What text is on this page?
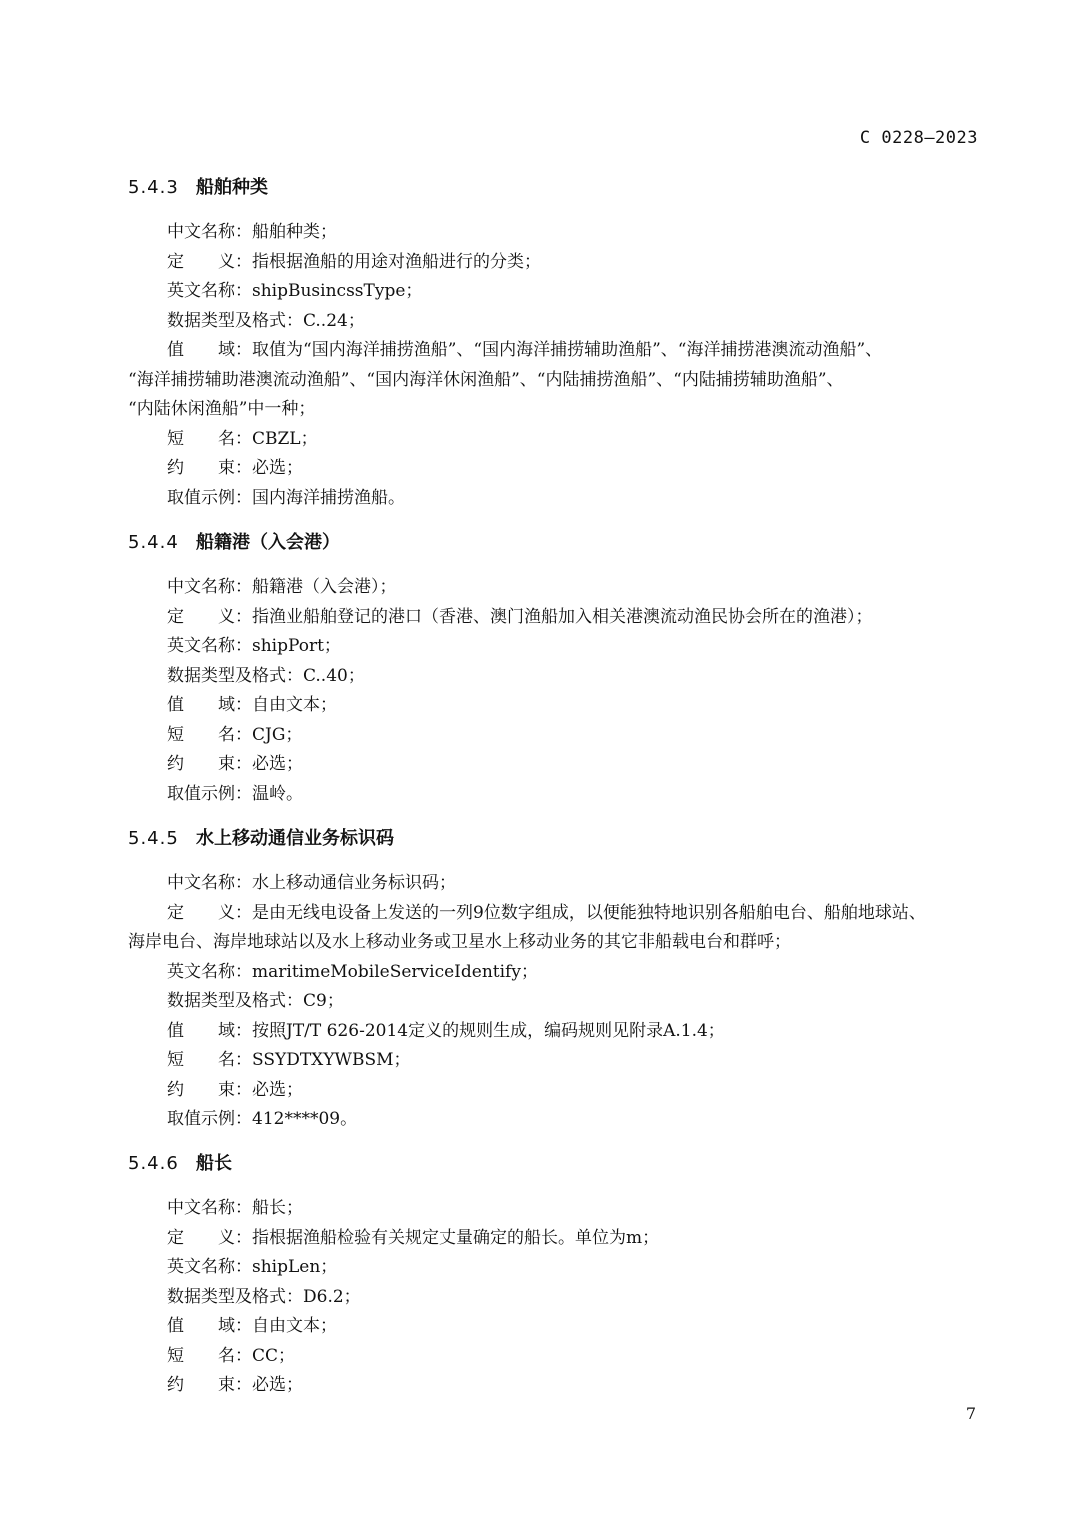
C 0228—2023
5.4.3 船舶种类
中文名称：船舶种类；
定　　义：指根据渔船的用途对渔船进行的分类；
英文名称：shipBusincssType；
数据类型及格式：C..24；
值　　域：取值为“国内海洋捕捞渔船”、“国内海洋捕捞辅助渔船”、“海洋捕捞港澳流动渔船”、
“海洋捕捞辅助港澳流动渔船”、“国内海洋休闲渔船”、“内陆捕捞渔船”、“内陆捕捞辅助渔船”、
“内陆休闲渔船”中一种；
短　　名：CBZL；
约　　束：必选；
取值示例：国内海洋捕捞渔船。
5.4.4 船籍港（入会港）
中文名称：船籍港（入会港）；
定　　义：指渔业船舶登记的港口（香港、澳门渔船加入相关港澳流动渔民协会所在的渔港）；
英文名称：shipPort；
数据类型及格式：C..40；
值　　域：自由文本；
短　　名：CJG；
约　　束：必选；
取值示例：温岭。
5.4.5 水上移动通信业务标识码
中文名称：水上移动通信业务标识码；
定　　义：是由无线电设备上发送的一列9位数字组成，以便能独特地识别各船舶电台、船舶地球站、
海岸电台、海岸地球站以及水上移动业务或卫星水上移动业务的其它非船载电台和群呼；
英文名称：maritimeMobileServiceIdentify；
数据类型及格式：C9；
值　　域：按照JT/T 626-2014定义的规则生成，编码规则见附录A.1.4；
短　　名：SSYDTXYWBSM；
约　　束：必选；
取值示例：412****09。
5.4.6 船长
中文名称：船长；
定　　义：指根据渔船检验有关规定丈量确定的船长。单位为m；
英文名称：shipLen；
数据类型及格式：D6.2；
值　　域：自由文本；
短　　名：CC；
约　　束：必选；
7
